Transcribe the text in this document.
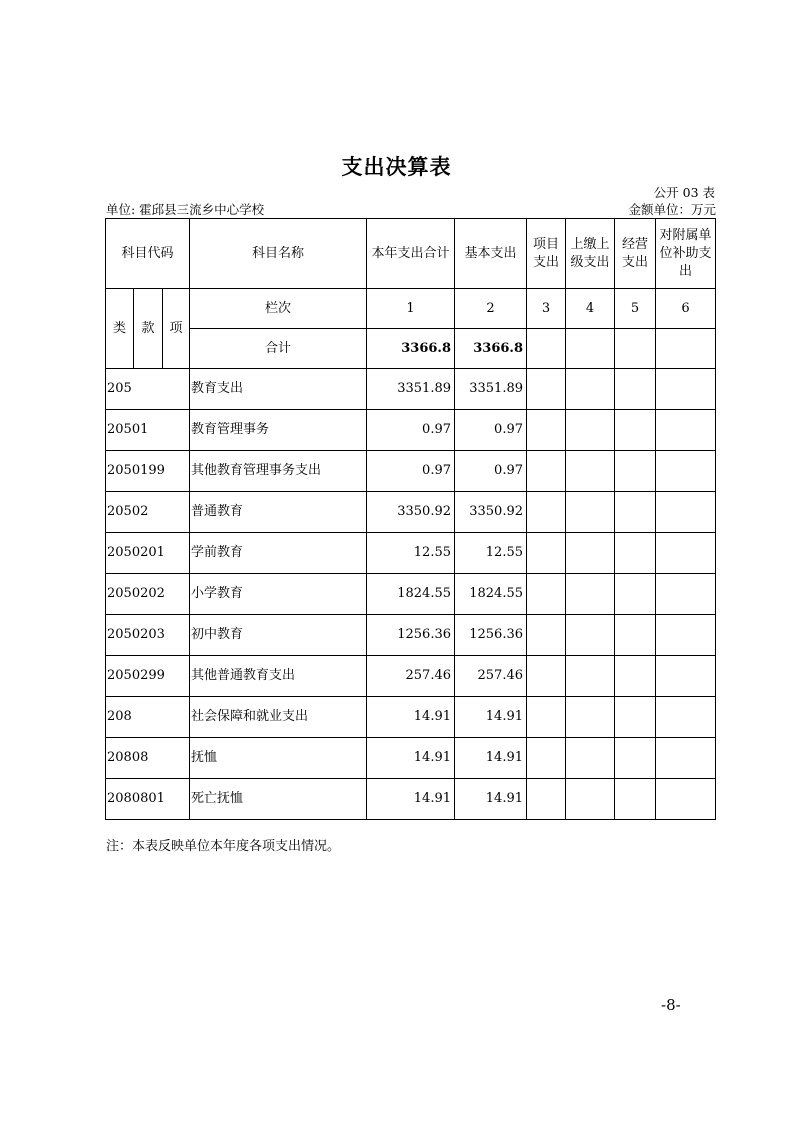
支出决算表
公开 03 表
单位: 霍邱县三流乡中心学校	金额单位：万元
科目代码			科目名称	本年支出合计	基本支出	项目支出	上缴上级支出	经营支出	对附属单位补助支出
类	款	项	栏次	1	2	3	4	5	6
			合计	3366.8	3366.8				
205			教育支出	3351.89	3351.89				
20501			教育管理事务	0.97	0.97				
2050199			其他教育管理事务支出	0.97	0.97				
20502			普通教育	3350.92	3350.92				
2050201			学前教育	12.55	12.55				
2050202			小学教育	1824.55	1824.55				
2050203			初中教育	1256.36	1256.36				
2050299			其他普通教育支出	257.46	257.46				
208			社会保障和就业支出	14.91	14.91				
20808			抚恤	14.91	14.91				
2080801			死亡抚恤	14.91	14.91				
注：本表反映单位本年度各项支出情况。
-8-
